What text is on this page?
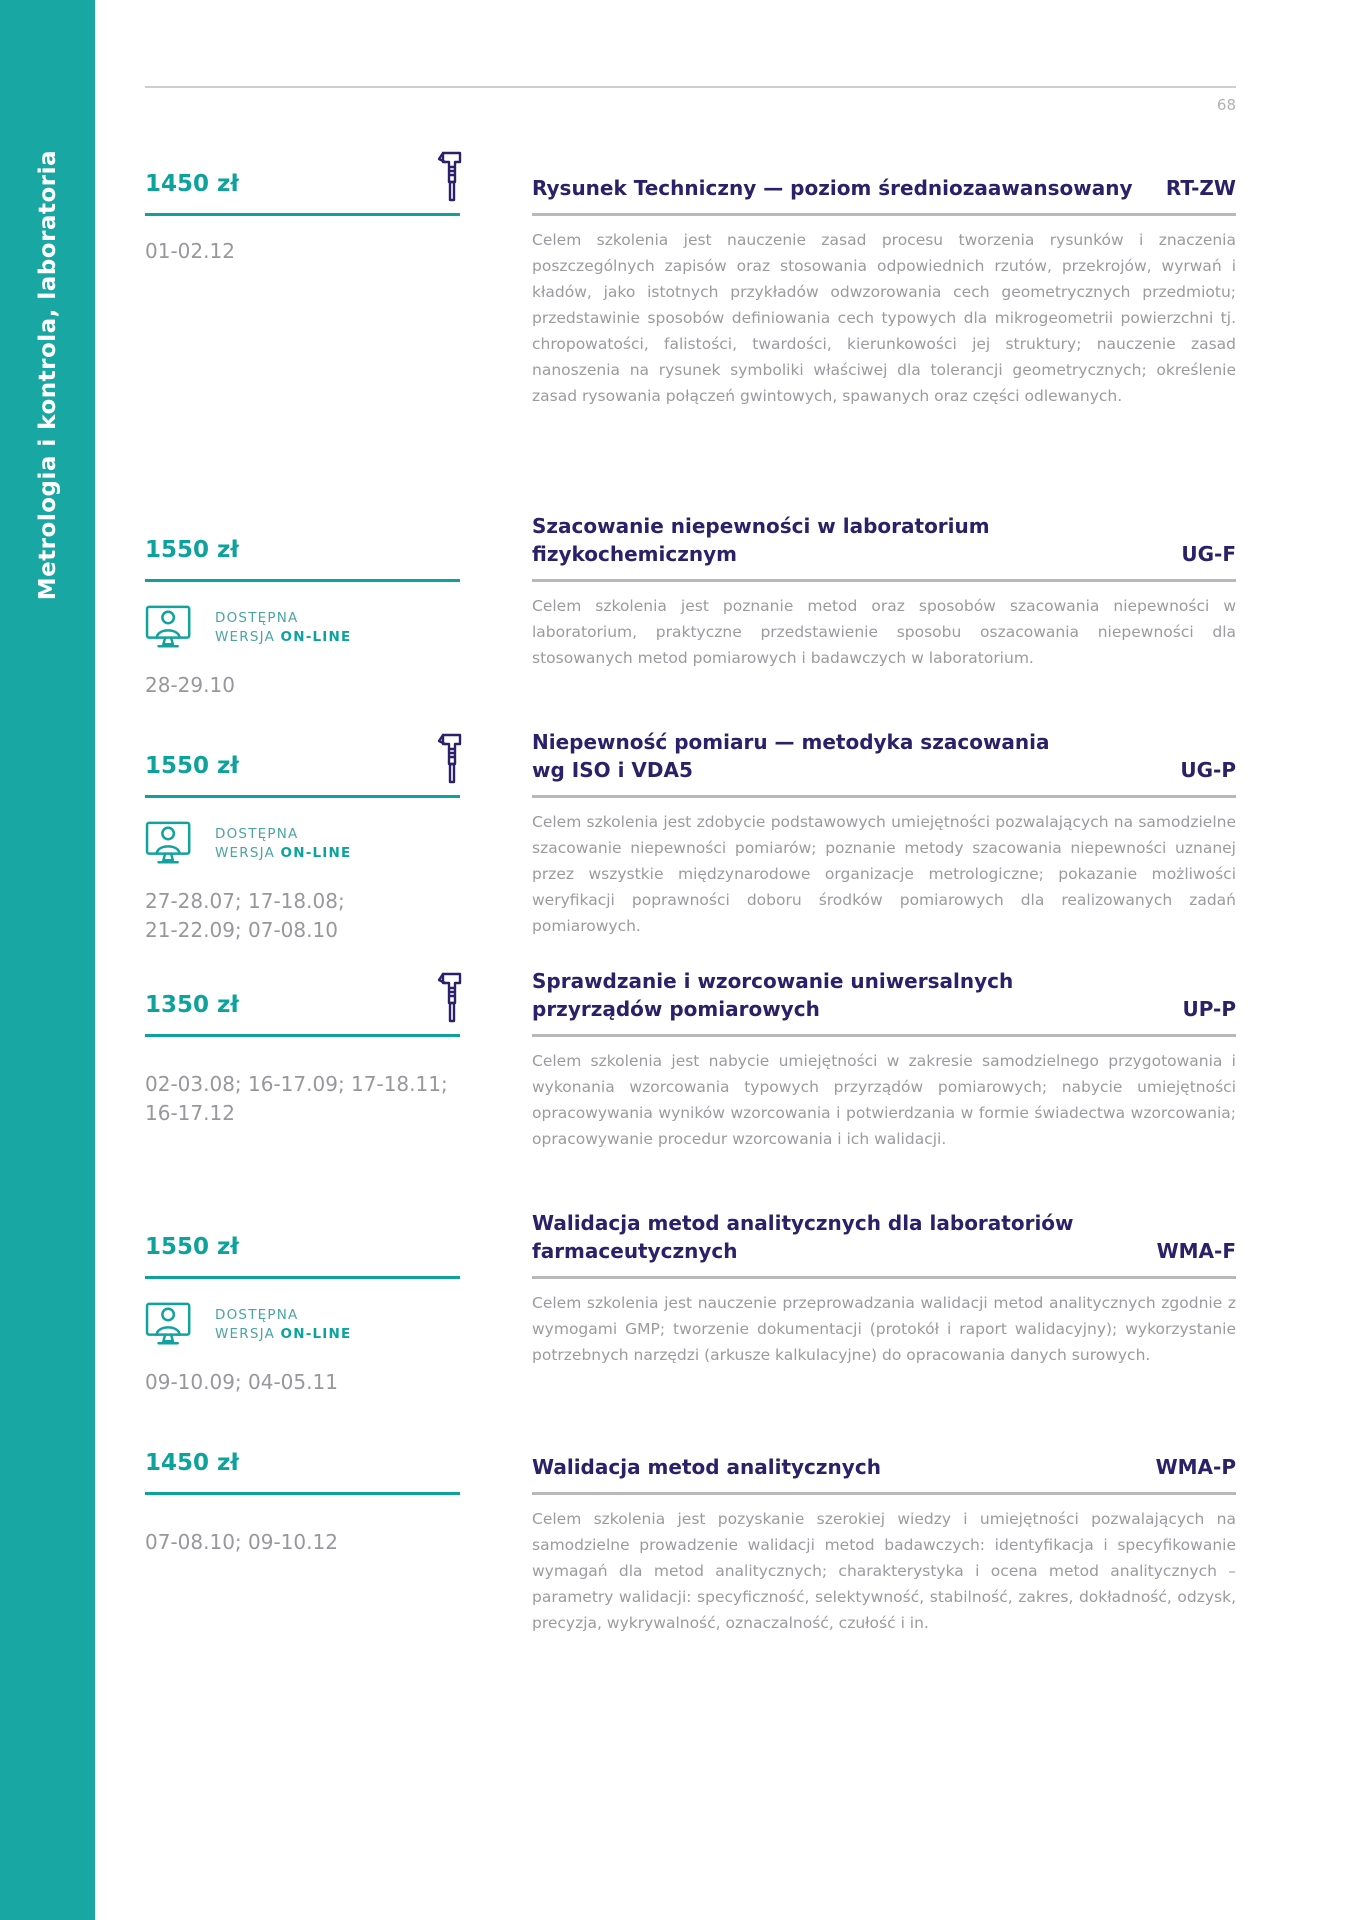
Metrologia i kontrola, laboratoria
68
1450 zł	Rysunek Techniczny — poziom średniozaawansowany RT-ZW

Celem szkolenia jest nauczenie zasad procesu tworzenia rysunków i znaczenia poszczególnych zapisów oraz stosowania odpowiednich rzutów, przekrojów, wyrwań i kładów, jako istotnych przykładów odwzorowania cech geometrycznych przedmiotu; przedstawinie sposobów definiowania cech typowych dla mikrogeometrii powierzchni tj. chropowatości, falistości, twardości, kierunkowości jej struktury; nauczenie zasad nanoszenia na rysunek symboliki właściwej dla tolerancji geometrycznych; określenie zasad rysowania połączeń gwintowych, spawanych oraz części odlewanych.

01-02.12
1550 zł
Szacowanie niepewności w laboratorium
fizykochemicznym	UG-F

Celem szkolenia jest poznanie metod oraz sposobów szacowania niepewności w laboratorium, praktyczne przedstawienie sposobu oszacowania niepewności dla stosowanych metod pomiarowych i badawczych w laboratorium.

DOSTĘPNA
WERSJA ON-LINE
28-29.10
1550 zł
Niepewność pomiaru — metodyka szacowania
wg ISO i VDA5	UG-P

Celem szkolenia jest zdobycie podstawowych umiejętności pozwalających na samodzielne szacowanie niepewności pomiarów; poznanie metody szacowania niepewności uznanej przez wszystkie międzynarodowe organizacje metrologiczne; pokazanie możliwości weryfikacji poprawności doboru środków pomiarowych dla realizowanych zadań pomiarowych.

DOSTĘPNA
WERSJA ON-LINE
27-28.07; 17-18.08;
21-22.09; 07-08.10
1350 zł
Sprawdzanie i wzorcowanie uniwersalnych
przyrządów pomiarowych	UP-P

Celem szkolenia jest nabycie umiejętności w zakresie samodzielnego przygotowania i wykonania wzorcowania typowych przyrządów pomiarowych; nabycie umiejętności opracowywania wyników wzorcowania i potwierdzania w formie świadectwa wzorcowania; opracowywanie procedur wzorcowania i ich walidacji.

02-03.08; 16-17.09; 17-18.11;
16-17.12
1550 zł
Walidacja metod analitycznych dla laboratoriów
farmaceutycznych	WMA-F

Celem szkolenia jest nauczenie przeprowadzania walidacji metod analitycznych zgodnie z wymogami GMP; tworzenie dokumentacji (protokół i raport walidacyjny); wykorzystanie potrzebnych narzędzi (arkusze kalkulacyjne) do opracowania danych surowych.

DOSTĘPNA
WERSJA ON-LINE
09-10.09; 04-05.11
1450 zł	Walidacja metod analitycznych	WMA-P

Celem szkolenia jest pozyskanie szerokiej wiedzy i umiejętności pozwalających na samodzielne prowadzenie walidacji metod badawczych: identyfikacja i specyfikowanie wymagań dla metod analitycznych; charakterystyka i ocena metod analitycznych – parametry walidacji: specyficzność, selektywność, stabilność, zakres, dokładność, odzysk, precyzja, wykrywalność, oznaczalność, czułość i in.

07-08.10; 09-10.12
